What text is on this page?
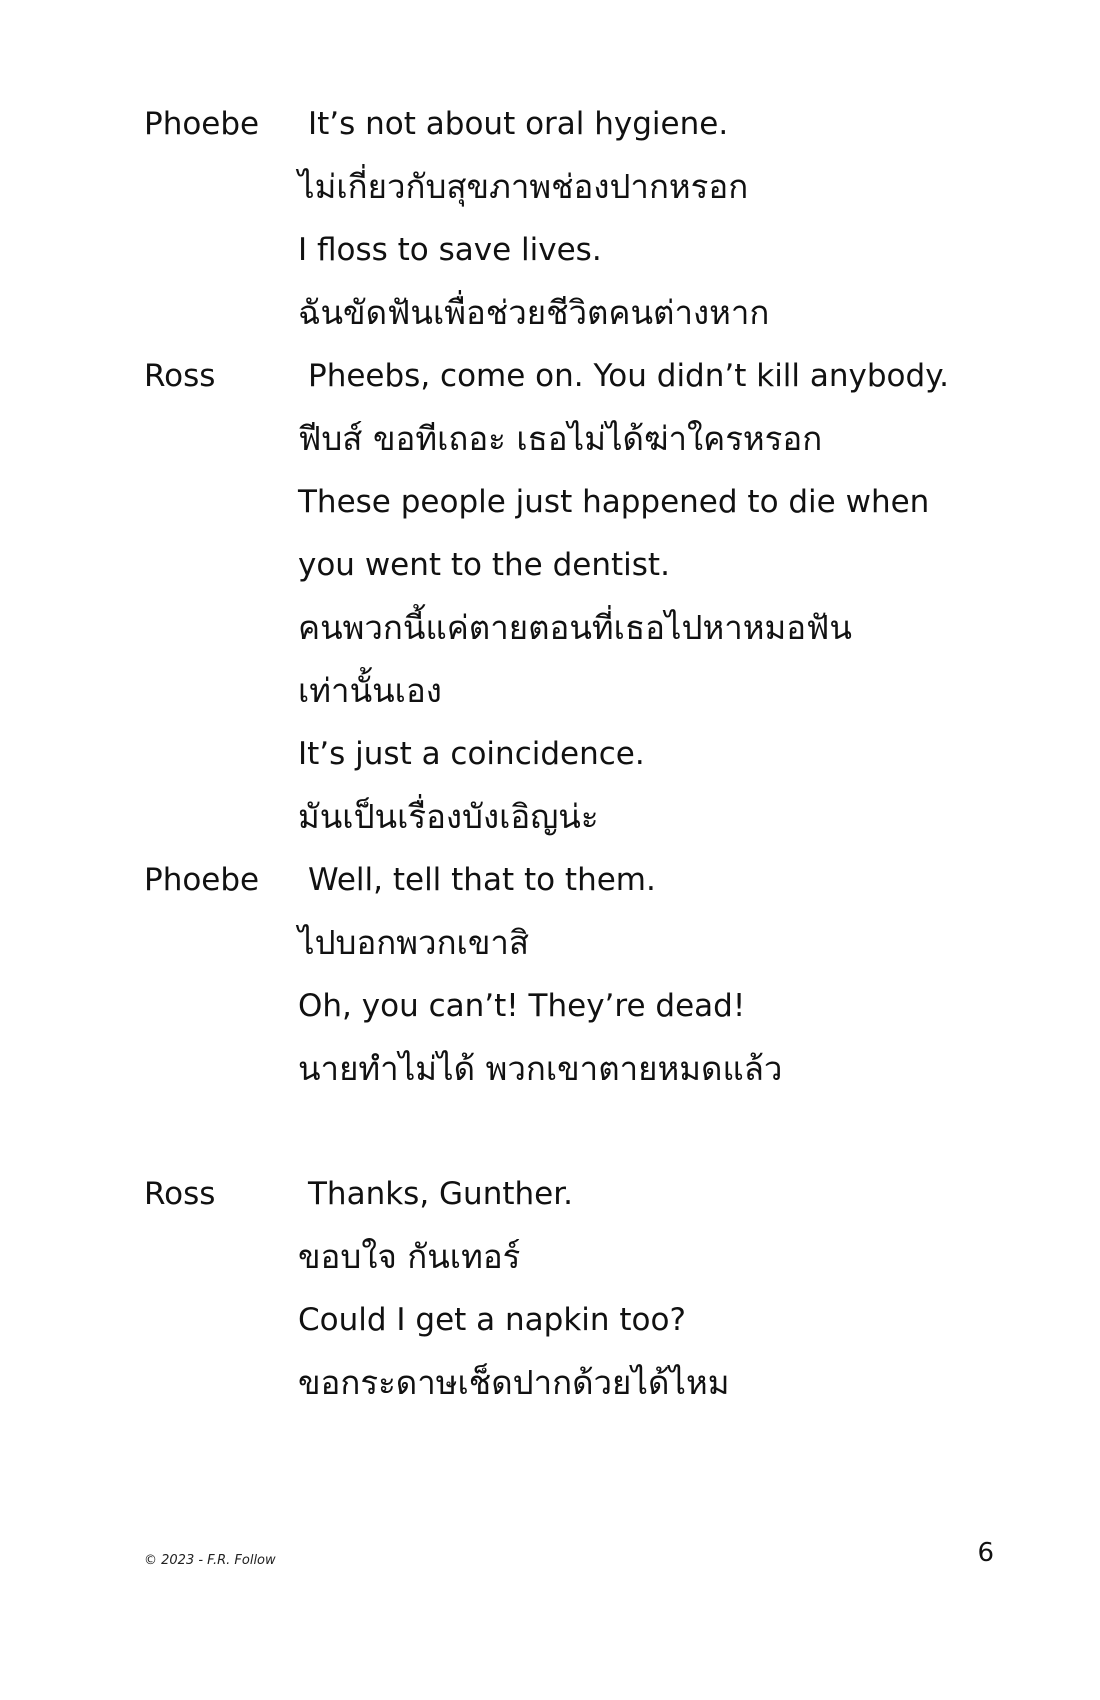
Phoebe It’s not about oral hygiene.
ไม่เกี่ยวกับสุขภาพช่องปากหรอก
I floss to save lives.
ฉันขัดฟันเพื่อช่วยชีวิตคนต่างหาก
Ross	Pheebs, come on. You didn’t kill anybody.
ฟีบส์ ขอทีเถอะ เธอไม่ได้ฆ่าใครหรอก
These people just happened to die when
you went to the dentist.
คนพวกนี้แค่ตายตอนที่เธอไปหาหมอฟัน
เท่านั้นเอง
It’s just a coincidence.
มันเป็นเรื่องบังเอิญน่ะ
Phoebe Well, tell that to them.
ไปบอกพวกเขาสิ
Oh, you can’t! They’re dead!
นายทำไม่ได้ พวกเขาตายหมดแล้ว
Ross	Thanks, Gunther.
ขอบใจ กันเทอร์
Could I get a napkin too?
ขอกระดาษเช็ดปากด้วยได้ไหม
© 2023 - F.R. Follow	6
